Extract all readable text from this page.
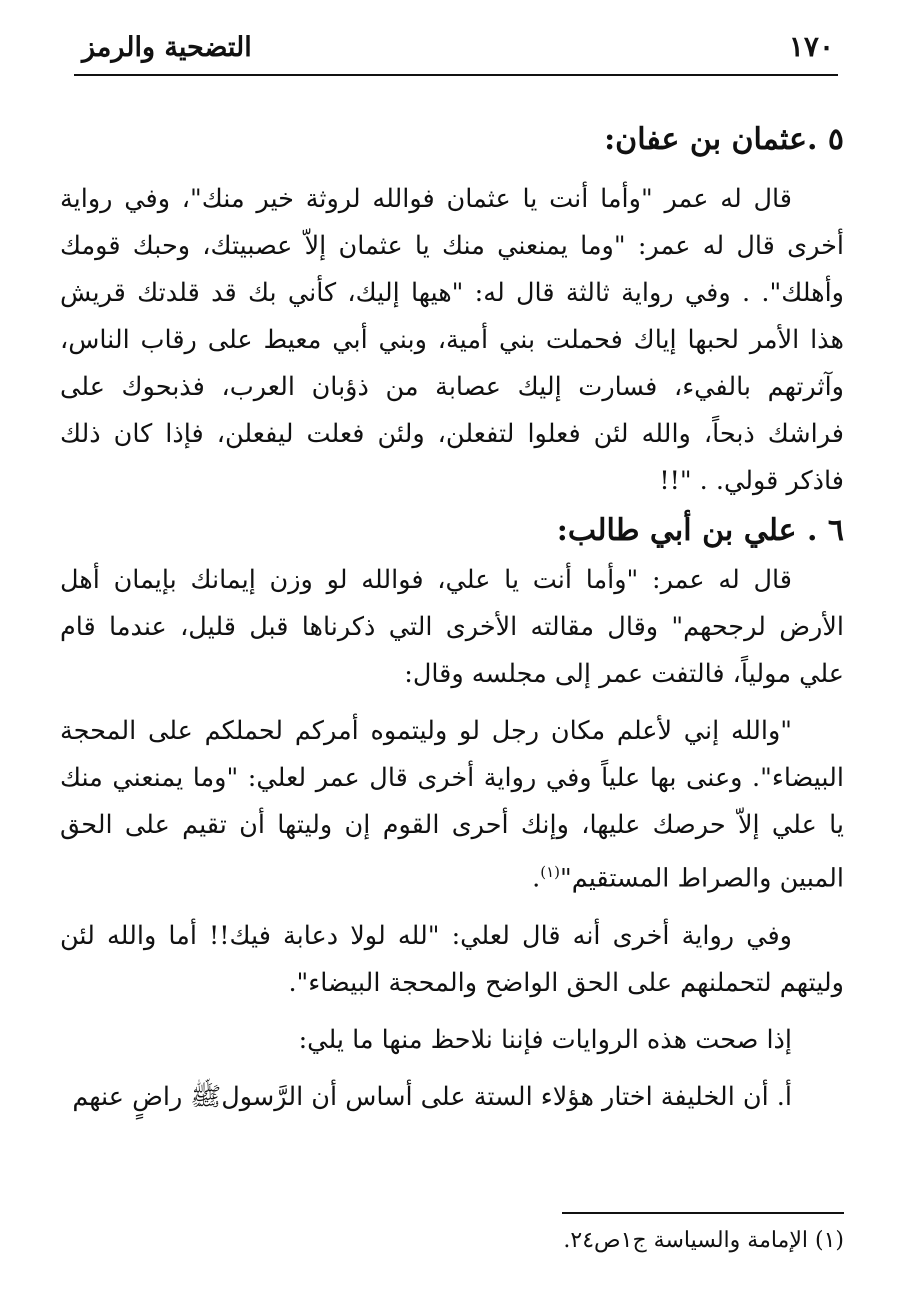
١٧٠
التضحية والرمز
٥ .عثمان بن عفان:

قال له عمر "وأما أنت يا عثمان فوالله لروثة خير منك"، وفي رواية أخرى قال له عمر: "وما يمنعني منك يا عثمان إلاّ عصبيتك، وحبك قومك وأهلك". . وفي رواية ثالثة قال له: "هيها إليك، كأني بك قد قلدتك قريش هذا الأمر لحبها إياك فحملت بني أمية، وبني أبي معيط على رقاب الناس، وآثرتهم بالفيء، فسارت إليك عصابة من ذؤبان العرب، فذبحوك على فراشك ذبحاً، والله لئن فعلوا لتفعلن، ولئن فعلت ليفعلن، فإذا كان ذلك فاذكر قولي. . "!!

٦ . علي بن أبي طالب:

قال له عمر: "وأما أنت يا علي، فوالله لو وزن إيمانك بإيمان أهل الأرض لرجحهم" وقال مقالته الأخرى التي ذكرناها قبل قليل، عندما قام علي مولياً، فالتفت عمر إلى مجلسه وقال:

"والله إني لأعلم مكان رجل لو وليتموه أمركم لحملكم على المحجة البيضاء". وعنى بها علياً وفي رواية أخرى قال عمر لعلي: "وما يمنعني منك يا علي إلاّ حرصك عليها، وإنك أحرى القوم إن وليتها أن تقيم على الحق المبين والصراط المستقيم"$^{(١)}$.

وفي رواية أخرى أنه قال لعلي: "لله لولا دعابة فيك!! أما والله لئن وليتهم لتحملنهم على الحق الواضح والمحجة البيضاء".

إذا صحت هذه الروايات فإننا نلاحظ منها ما يلي:

أ. أن الخليفة اختار هؤلاء الستة على أساس أن الرَّسولﷺ راضٍ عنهم

(١) الإمامة والسياسة ج١ص٢٤.
